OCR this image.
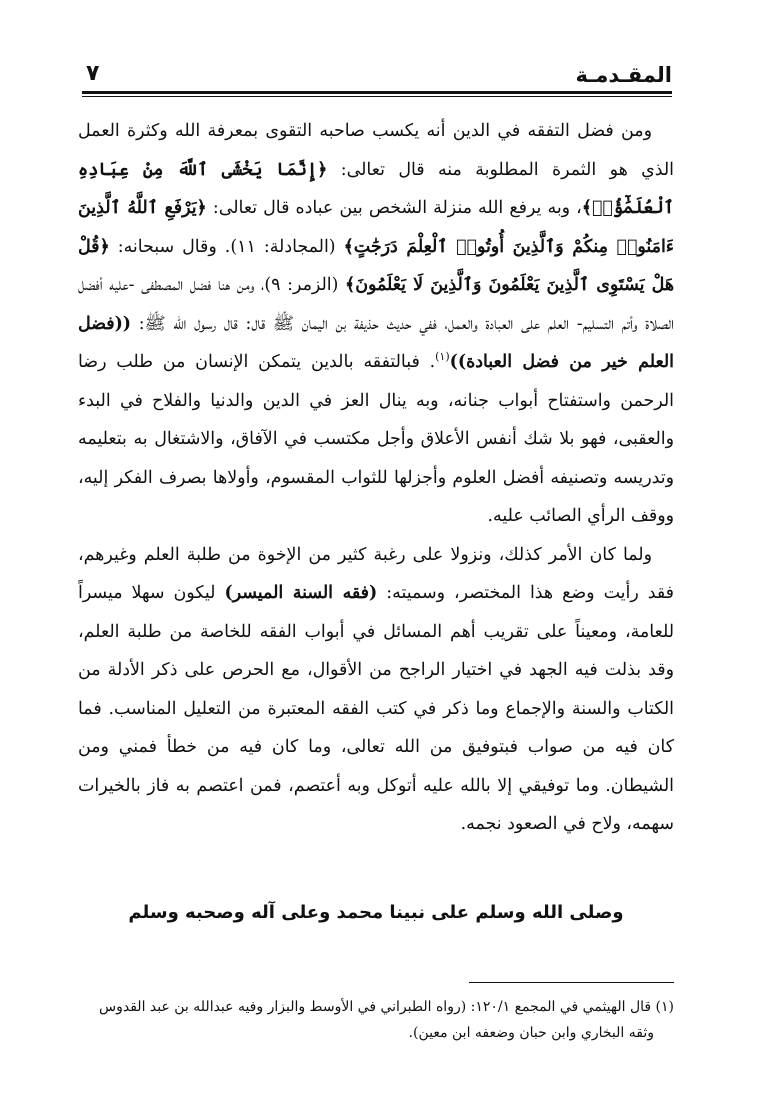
المقـدمـة
٧

ومن فضل التفقه في الدين أنه يكسب صاحبه التقوى بمعرفة الله وكثرة العمل الذي هو الثمرة المطلوبة منه قال تعالى: ﴿إِنَّمَا يَخْشَى ٱللَّهَ مِنْ عِبَادِهِ ٱلْعُلَمَٰٓؤُا۟﴾، وبه يرفع الله منزلة الشخص بين عباده قال تعالى: ﴿يَرْفَعِ ٱللَّهُ ٱلَّذِينَ ءَامَنُوا۟ مِنكُمْ وَٱلَّذِينَ أُوتُوا۟ ٱلْعِلْمَ دَرَجَٰتٍ﴾ (المجادلة: ١١). وقال سبحانه: ﴿قُلْ هَلْ يَسْتَوِى ٱلَّذِينَ يَعْلَمُونَ وَٱلَّذِينَ لَا يَعْلَمُونَ﴾ (الزمر: ٩)، ومن هنا فضل المصطفى -عليه أفضل الصلاة وأتم التسليم- العلم على العبادة والعمل، ففي حديث حذيفة بن اليمان ﷺ قال: قال رسول الله ﷺ: ((فضل العلم خير من فضل العبادة))$^{(١)}$. فبالتفقه بالدين يتمكن الإنسان من طلب رضا الرحمن واستفتاح أبواب جنانه، وبه ينال العز في الدين والدنيا والفلاح في البدء والعقبى، فهو بلا شك أنفس الأعلاق وأجل مكتسب في الآفاق، والاشتغال به بتعليمه وتدريسه وتصنيفه أفضل العلوم وأجزلها للثواب المقسوم، وأولاها بصرف الفكر إليه، ووقف الرأي الصائب عليه.

ولما كان الأمر كذلك، ونزولا على رغبة كثير من الإخوة من طلبة العلم وغيرهم، فقد رأيت وضع هذا المختصر، وسميته: (فقه السنة الميسر) ليكون سهلا ميسراً للعامة، ومعيناً على تقريب أهم المسائل في أبواب الفقه للخاصة من طلبة العلم، وقد بذلت فيه الجهد في اختيار الراجح من الأقوال، مع الحرص على ذكر الأدلة من الكتاب والسنة والإجماع وما ذكر في كتب الفقه المعتبرة من التعليل المناسب. فما كان فيه من صواب فبتوفيق من الله تعالى، وما كان فيه من خطأ فمني ومن الشيطان. وما توفيقي إلا بالله عليه أتوكل وبه أعتصم، فمن اعتصم به فاز بالخيرات سهمه، ولاح في الصعود نجمه.

وصلى الله وسلم على نبينا محمد وعلى آله وصحبه وسلم

(١) قال الهيثمي في المجمع ١٢٠/١: (رواه الطبراني في الأوسط والبزار وفيه عبدالله بن عبد القدوس

وثقه البخاري وابن حبان وضعفه ابن معين).
